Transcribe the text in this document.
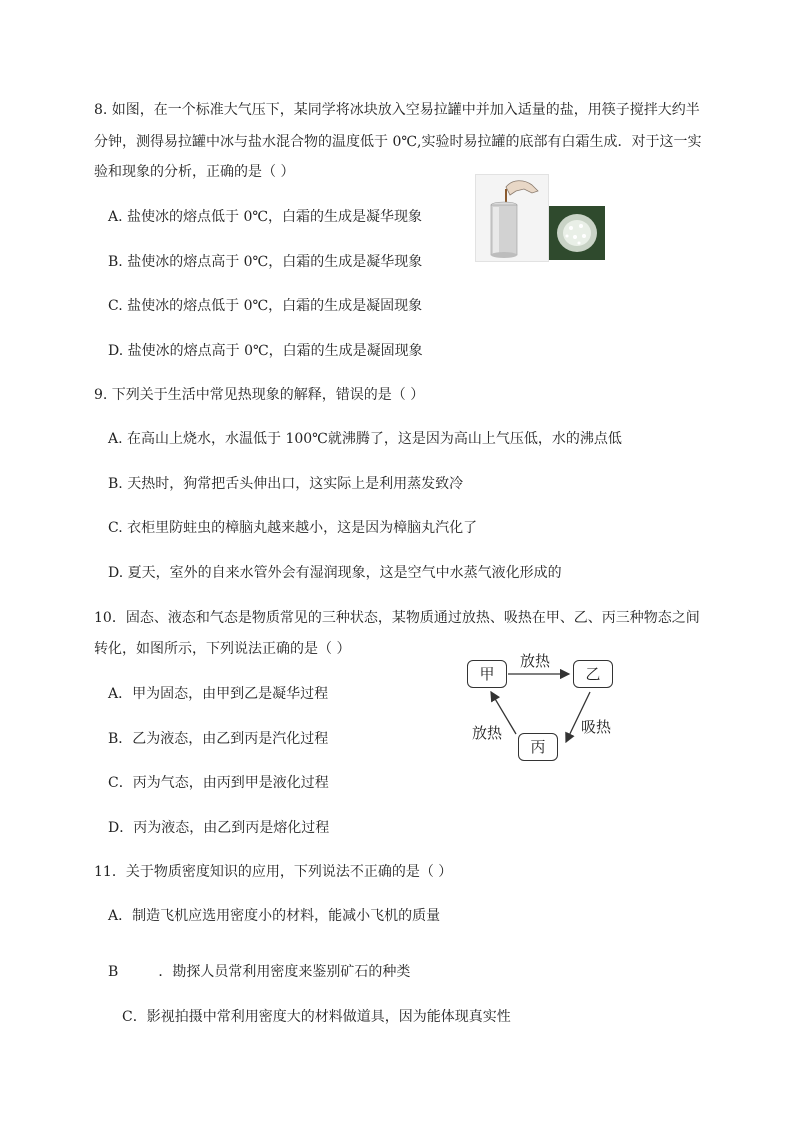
8. 如图，在一个标准大气压下，某同学将冰块放入空易拉罐中并加入适量的盐，用筷子搅拌大约半
分钟，测得易拉罐中冰与盐水混合物的温度低于 0℃,实验时易拉罐的底部有白霜生成．对于这一实
验和现象的分析，正确的是（ ）
A. 盐使冰的熔点低于 0℃，白霜的生成是凝华现象
B. 盐使冰的熔点高于 0℃，白霜的生成是凝华现象
C. 盐使冰的熔点低于 0℃，白霜的生成是凝固现象
D. 盐使冰的熔点高于 0℃，白霜的生成是凝固现象
9. 下列关于生活中常见热现象的解释，错误的是（ ）
A. 在高山上烧水，水温低于 100℃就沸腾了，这是因为高山上气压低，水的沸点低
B. 天热时，狗常把舌头伸出口，这实际上是利用蒸发致冷
C. 衣柜里防蛀虫的樟脑丸越来越小，这是因为樟脑丸汽化了
D. 夏天，室外的自来水管外会有湿润现象，这是空气中水蒸气液化形成的
10．固态、液态和气态是物质常见的三种状态，某物质通过放热、吸热在甲、乙、丙三种物态之间
转化，如图所示，下列说法正确的是（ ）
甲	乙
丙
放热
吸热
放热
A．甲为固态，由甲到乙是凝华过程
B．乙为液态，由乙到丙是汽化过程
C．丙为气态，由丙到甲是液化过程
D．丙为液态，由乙到丙是熔化过程
11．关于物质密度知识的应用，下列说法不正确的是（ ）
A．制造飞机应选用密度小的材料，能减小飞机的质量
B         ．勘探人员常利用密度来鉴别矿石的种类
C．影视拍摄中常利用密度大的材料做道具，因为能体现真实性
